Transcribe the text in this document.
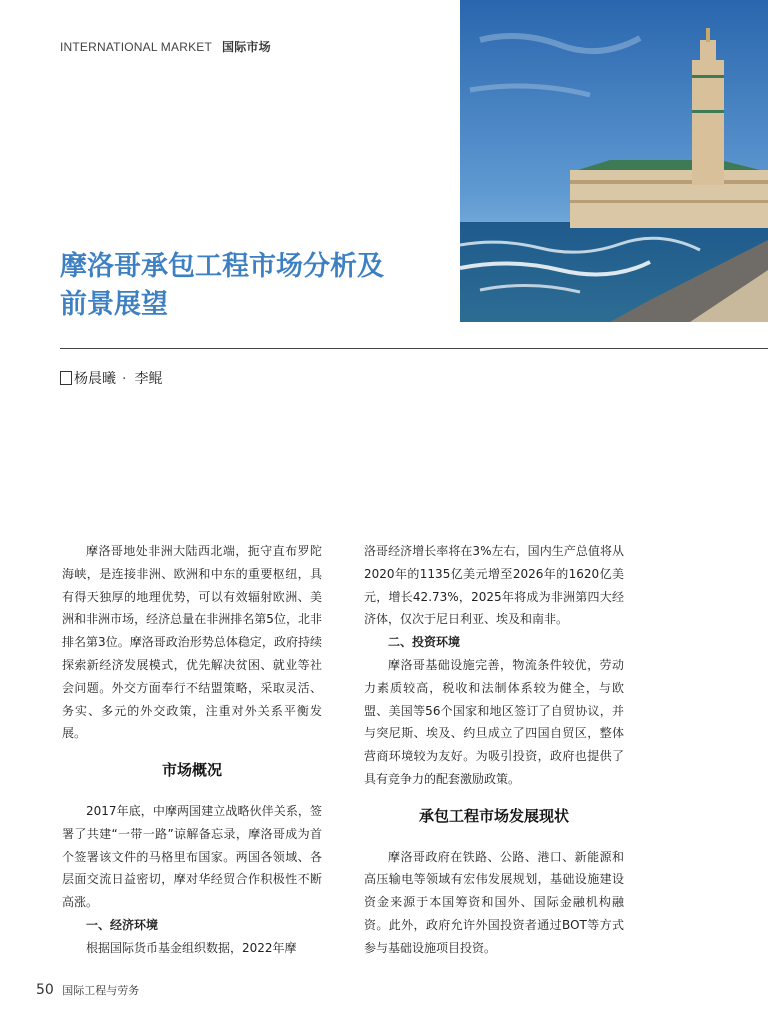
INTERNATIONAL MARKET 国际市场
摩洛哥承包工程市场分析及
前景展望
杨晨曦 · 李鲲

摩洛哥地处非洲大陆西北端，扼守直布罗陀海峡，是连接非洲、欧洲和中东的重要枢纽，具有得天独厚的地理优势，可以有效辐射欧洲、美洲和非洲市场，经济总量在非洲排名第5位，北非排名第3位。摩洛哥政治形势总体稳定，政府持续探索新经济发展模式，优先解决贫困、就业等社会问题。外交方面奉行不结盟策略，采取灵活、务实、多元的外交政策，注重对外关系平衡发展。

市场概况

2017年底，中摩两国建立战略伙伴关系，签署了共建“一带一路”谅解备忘录，摩洛哥成为首个签署该文件的马格里布国家。两国各领域、各层面交流日益密切，摩对华经贸合作积极性不断高涨。

一、经济环境

根据国际货币基金组织数据，2022年摩

洛哥经济增长率将在3%左右，国内生产总值将从2020年的1135亿美元增至2026年的1620亿美元，增长42.73%，2025年将成为非洲第四大经济体，仅次于尼日利亚、埃及和南非。

二、投资环境

摩洛哥基础设施完善，物流条件较优，劳动力素质较高，税收和法制体系较为健全，与欧盟、美国等56个国家和地区签订了自贸协议，并与突尼斯、埃及、约旦成立了四国自贸区，整体营商环境较为友好。为吸引投资，政府也提供了具有竞争力的配套激励政策。

承包工程市场发展现状

摩洛哥政府在铁路、公路、港口、新能源和高压输电等领域有宏伟发展规划，基础设施建设资金来源于本国筹资和国外、国际金融机构融资。此外，政府允许外国投资者通过BOT等方式参与基础设施项目投资。

50 国际工程与劳务
